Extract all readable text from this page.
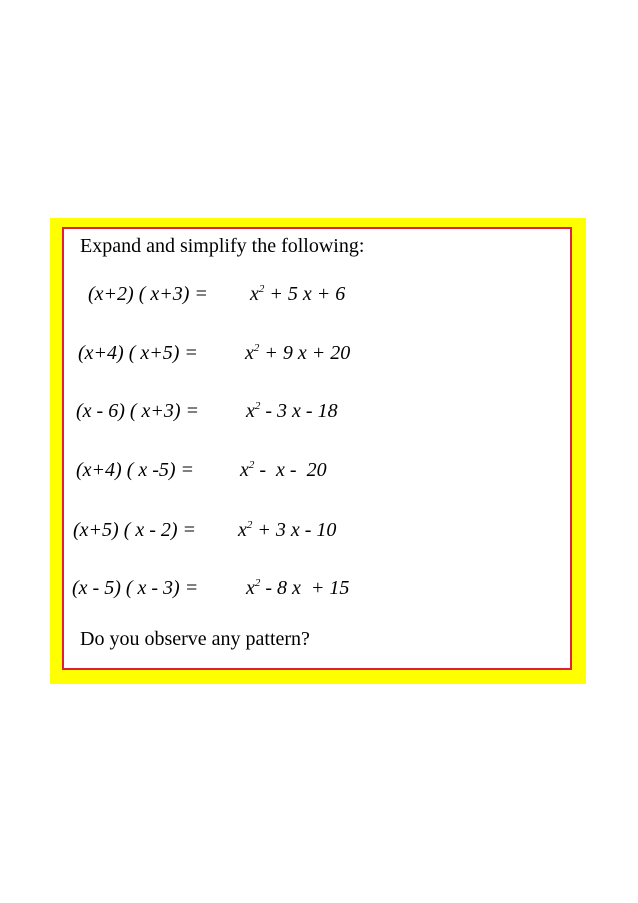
Expand and simplify the following:
(x+2) ( $x+3) = x^2 + 5$ x + 6
(x+4) ( $x+5) = x^2 + 9$ x + 20
(x - 6) ( $x+3) = x^2 - 3$ x - 18
(x+4) ( x $-5) = x^2 - x - 20$
(x+5) ( $x - 2) = x^2 + 3$ x - 10
(x - 5) ( $x - 3) = x^2 - 8$ x  + 15
Do you observe any pattern?
